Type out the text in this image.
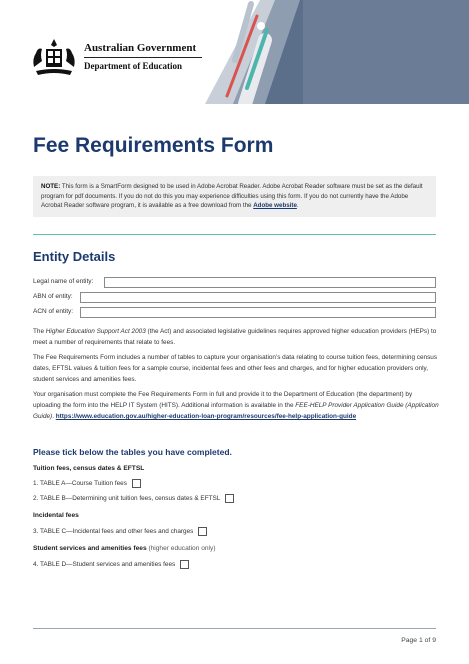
Australian Government
Department of Education
Fee Requirements Form
NOTE: This form is a SmartForm designed to be used in Adobe Acrobat Reader. Adobe Acrobat Reader software must be set as the default program for pdf documents. If you do not do this you may experience difficulties using this form. If you do not currently have the Adobe Acrobat Reader software program, it is available as a free download from the Adobe website.
Entity Details
Legal name of entity:
ABN of entity:
ACN of entity:
The Higher Education Support Act 2003 (the Act) and associated legislative guidelines requires approved higher education providers (HEPs) to meet a number of requirements that relate to fees.
The Fee Requirements Form includes a number of tables to capture your organisation's data relating to course tuition fees, determining census dates, EFTSL values & tuition fees for a sample course, incidental fees and other fees and charges, and for higher education providers only, student services and amenities fees.
Your organisation must complete the Fee Requirements Form in full and provide it to the Department of Education (the department) by uploading the form into the HELP IT System (HITS). Additional information is available in the FEE-HELP Provider Application Guide (Application Guide). https://www.education.gov.au/higher-education-loan-program/resources/fee-help-application-guide
Please tick below the tables you have completed.
Tuition fees, census dates & EFTSL
1. TABLE A—Course Tuition fees
2. TABLE B—Determining unit tuition fees, census dates & EFTSL
Incidental fees
3. TABLE C—Incidental fees and other fees and charges
Student services and amenities fees (higher education only)
4. TABLE D—Student services and amenities fees
Page 1 of 9
